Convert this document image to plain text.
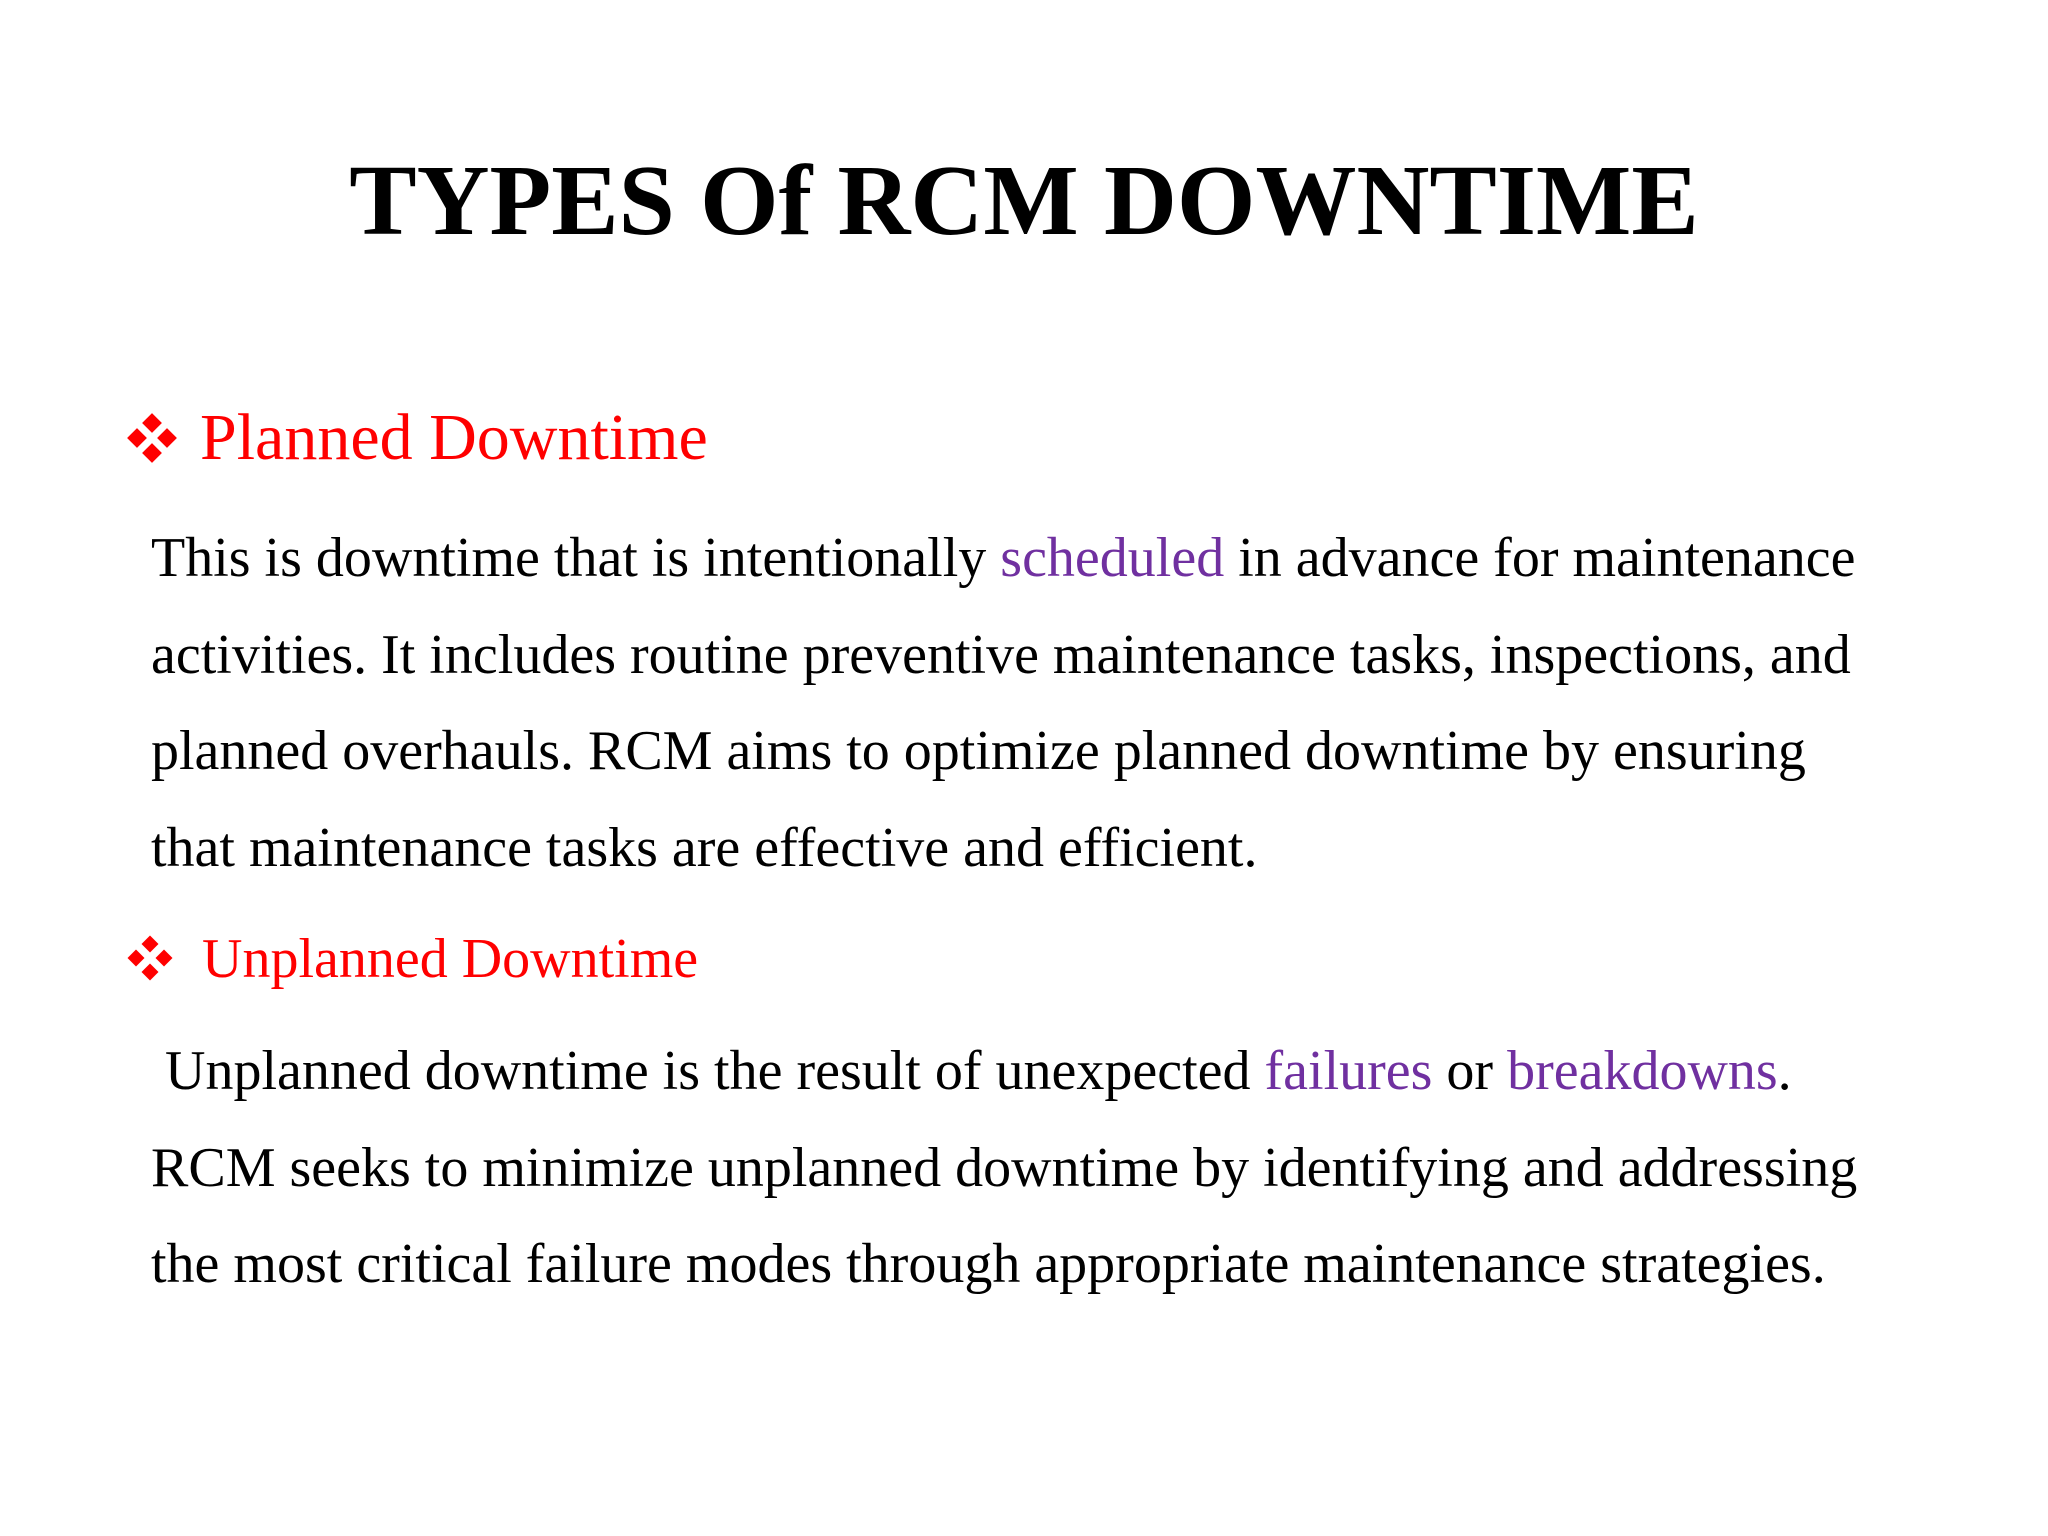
TYPES Of RCM DOWNTIME
Planned Downtime
This is downtime that is intentionally scheduled in advance for maintenance
activities. It includes routine preventive maintenance tasks, inspections, and
planned overhauls. RCM aims to optimize planned downtime by ensuring
that maintenance tasks are effective and efficient.
Unplanned Downtime
Unplanned downtime is the result of unexpected failures or breakdowns.
RCM seeks to minimize unplanned downtime by identifying and addressing
the most critical failure modes through appropriate maintenance strategies.
